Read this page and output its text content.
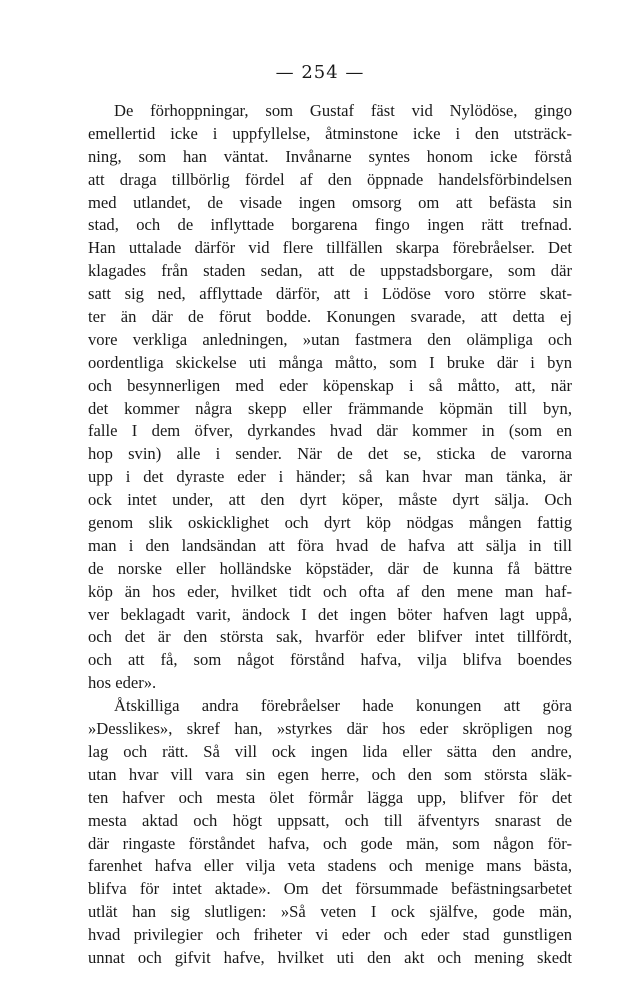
— 254 —
De förhoppningar, som Gustaf fäst vid Nylödöse, gingo
emellertid icke i uppfyllelse, åtminstone icke i den utsträck-
ning, som han väntat. Invånarne syntes honom icke förstå
att draga tillbörlig fördel af den öppnade handelsförbindelsen
med utlandet, de visade ingen omsorg om att befästa sin
stad, och de inflyttade borgarena fingo ingen rätt trefnad.
Han uttalade därför vid flere tillfällen skarpa förebråelser. Det
klagades från staden sedan, att de uppstadsborgare, som där
satt sig ned, afflyttade därför, att i Lödöse voro större skat-
ter än där de förut bodde. Konungen svarade, att detta ej
vore verkliga anledningen, »utan fastmera den olämpliga och
oordentliga skickelse uti många måtto, som I bruke där i byn
och besynnerligen med eder köpenskap i så måtto, att, när
det kommer några skepp eller främmande köpmän till byn,
falle I dem öfver, dyrkandes hvad där kommer in (som en
hop svin) alle i sender. När de det se, sticka de varorna
upp i det dyraste eder i händer; så kan hvar man tänka, är
ock intet under, att den dyrt köper, måste dyrt sälja. Och
genom slik oskicklighet och dyrt köp nödgas mången fattig
man i den landsändan att föra hvad de hafva att sälja in till
de norske eller holländske köpstäder, där de kunna få bättre
köp än hos eder, hvilket tidt och ofta af den mene man haf-
ver beklagadt varit, ändock I det ingen böter hafven lagt uppå,
och det är den största sak, hvarför eder blifver intet tillfördt,
och att få, som något förstånd hafva, vilja blifva boendes
hos eder».
Åtskilliga andra förebråelser hade konungen att göra
»Desslikes», skref han, »styrkes där hos eder skröpligen nog
lag och rätt. Så vill ock ingen lida eller sätta den andre,
utan hvar vill vara sin egen herre, och den som största släk-
ten hafver och mesta ölet förmår lägga upp, blifver för det
mesta aktad och högt uppsatt, och till äfventyrs snarast de
där ringaste förståndet hafva, och gode män, som någon för-
farenhet hafva eller vilja veta stadens och menige mans bästa,
blifva för intet aktade». Om det försummade befästningsarbetet
utlät han sig slutligen: »Så veten I ock själfve, gode män,
hvad privilegier och friheter vi eder och eder stad gunstligen
unnat och gifvit hafve, hvilket uti den akt och mening skedt
